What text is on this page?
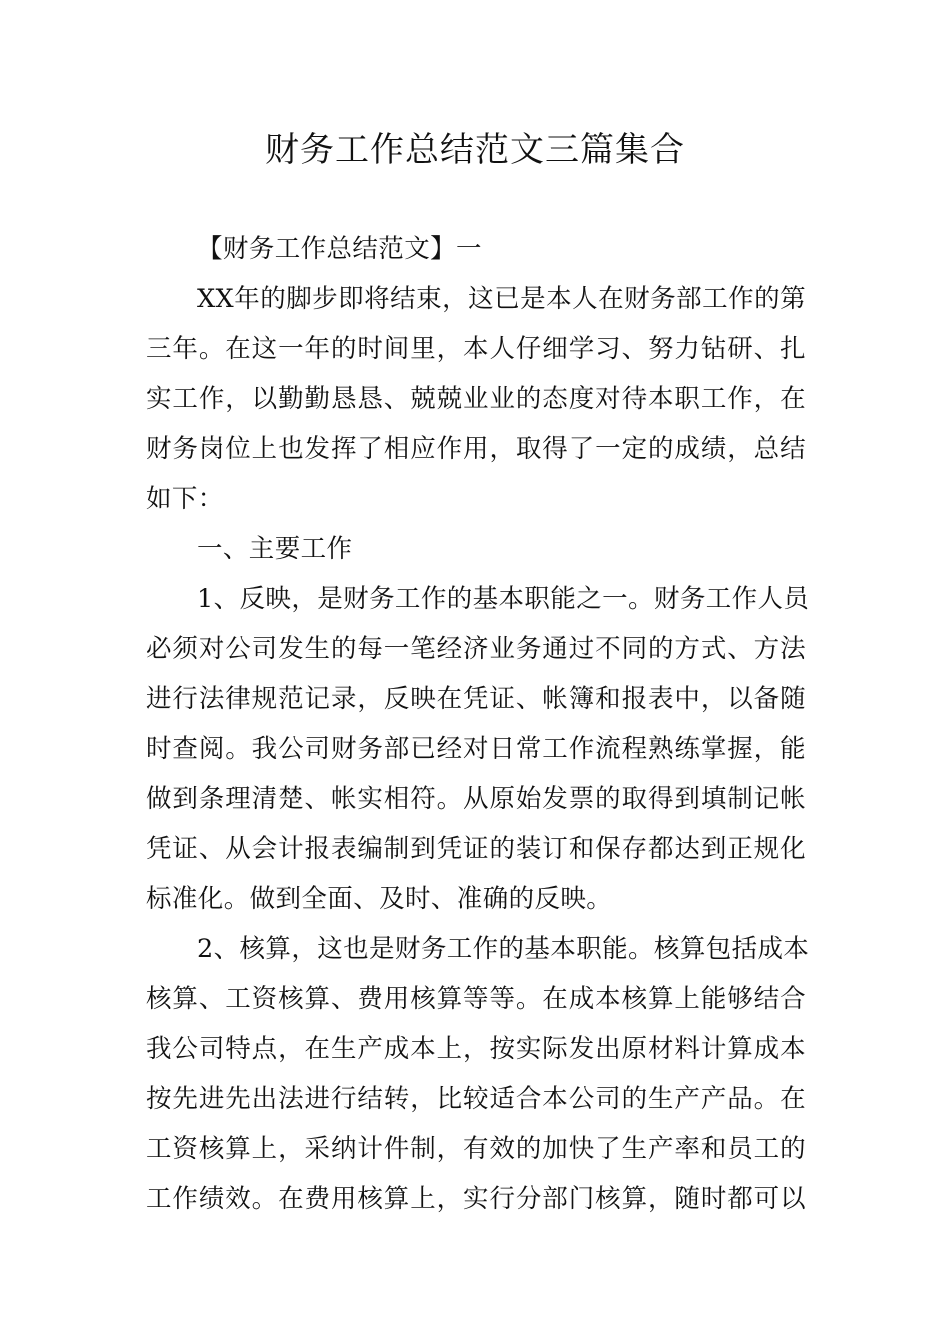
财务工作总结范文三篇集合
【财务工作总结范文】一
XX年的脚步即将结束，这已是本人在财务部工作的第
三年。在这一年的时间里，本人仔细学习、努力钻研、扎
实工作，以勤勤恳恳、兢兢业业的态度对待本职工作，在
财务岗位上也发挥了相应作用，取得了一定的成绩，总结
如下：
一、主要工作
1、反映，是财务工作的基本职能之一。财务工作人员
必须对公司发生的每一笔经济业务通过不同的方式、方法
进行法律规范记录，反映在凭证、帐簿和报表中，以备随
时查阅。我公司财务部已经对日常工作流程熟练掌握，能
做到条理清楚、帐实相符。从原始发票的取得到填制记帐
凭证、从会计报表编制到凭证的装订和保存都达到正规化
标准化。做到全面、及时、准确的反映。
2、核算，这也是财务工作的基本职能。核算包括成本
核算、工资核算、费用核算等等。在成本核算上能够结合
我公司特点，在生产成本上，按实际发出原材料计算成本
按先进先出法进行结转，比较适合本公司的生产产品。在
工资核算上，采纳计件制，有效的加快了生产率和员工的
工作绩效。在费用核算上，实行分部门核算，随时都可以
